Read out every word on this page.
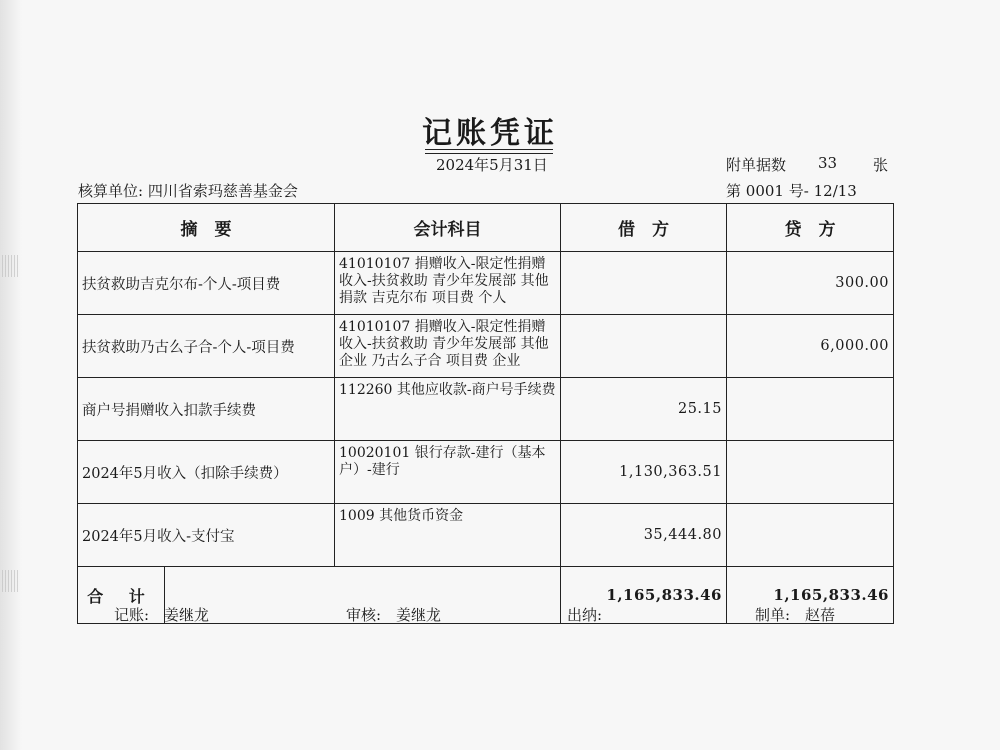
记账凭证
2024年5月31日	附单据数 33 张
核算单位: 四川省索玛慈善基金会	第 0001 号- 12/13
摘　要		会计科目	借　方	贷　方
扶贫救助吉克尔布-个人-项目费		41010107 捐赠收入-限定性捐赠收入-扶贫救助 青少年发展部 其他捐款 吉克尔布 项目费 个人		300.00
扶贫救助乃古么子合-个人-项目费		41010107 捐赠收入-限定性捐赠收入-扶贫救助 青少年发展部 其他企业 乃古么子合 项目费 企业		6,000.00
商户号捐赠收入扣款手续费		112260 其他应收款-商户号手续费	25.15	
2024年5月收入（扣除手续费）		10020101 银行存款-建行（基本户）-建行	1,130,363.51	
2024年5月收入-支付宝		1009 其他货币资金	35,444.80	
合 计			1,165,833.46	1,165,833.46
记账:　姜继龙	审核:　姜继龙	出纳:	制单:　赵蓓
